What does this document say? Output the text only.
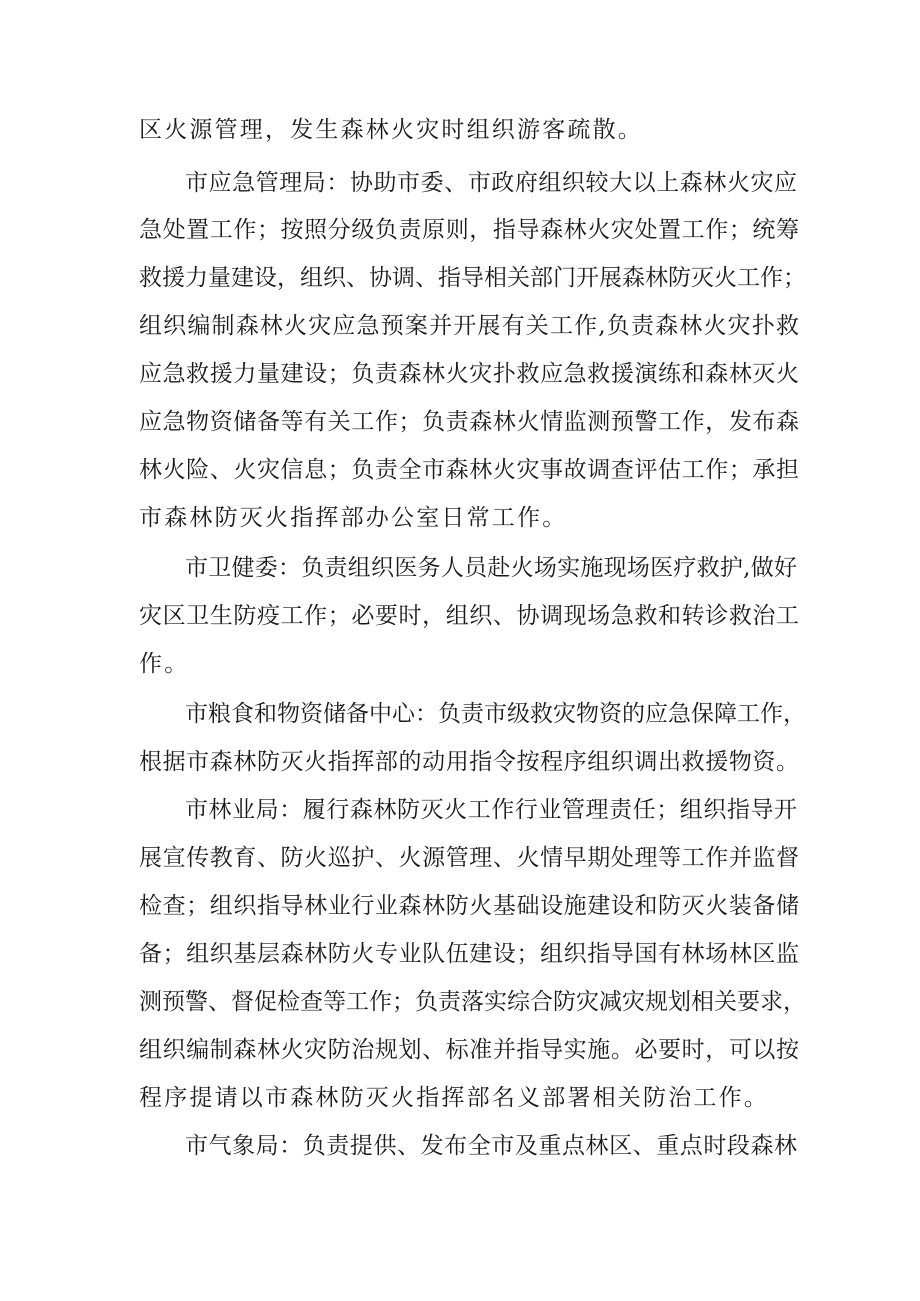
区火源管理，发生森林火灾时组织游客疏散。
市应急管理局：协助市委、市政府组织较大以上森林火灾应
急处置工作；按照分级负责原则，指导森林火灾处置工作；统筹
救援力量建设，组织、协调、指导相关部门开展森林防灭火工作；
组织编制森林火灾应急预案并开展有关工作,负责森林火灾扑救
应急救援力量建设；负责森林火灾扑救应急救援演练和森林灭火
应急物资储备等有关工作；负责森林火情监测预警工作，发布森
林火险、火灾信息；负责全市森林火灾事故调查评估工作；承担
市森林防灭火指挥部办公室日常工作。
市卫健委：负责组织医务人员赴火场实施现场医疗救护,做好
灾区卫生防疫工作；必要时，组织、协调现场急救和转诊救治工
作。
市粮食和物资储备中心：负责市级救灾物资的应急保障工作，
根据市森林防灭火指挥部的动用指令按程序组织调出救援物资。
市林业局：履行森林防灭火工作行业管理责任；组织指导开
展宣传教育、防火巡护、火源管理、火情早期处理等工作并监督
检查；组织指导林业行业森林防火基础设施建设和防灭火装备储
备；组织基层森林防火专业队伍建设；组织指导国有林场林区监
测预警、督促检查等工作；负责落实综合防灾减灾规划相关要求，
组织编制森林火灾防治规划、标准并指导实施。必要时，可以按
程序提请以市森林防灭火指挥部名义部署相关防治工作。
市气象局：负责提供、发布全市及重点林区、重点时段森林
